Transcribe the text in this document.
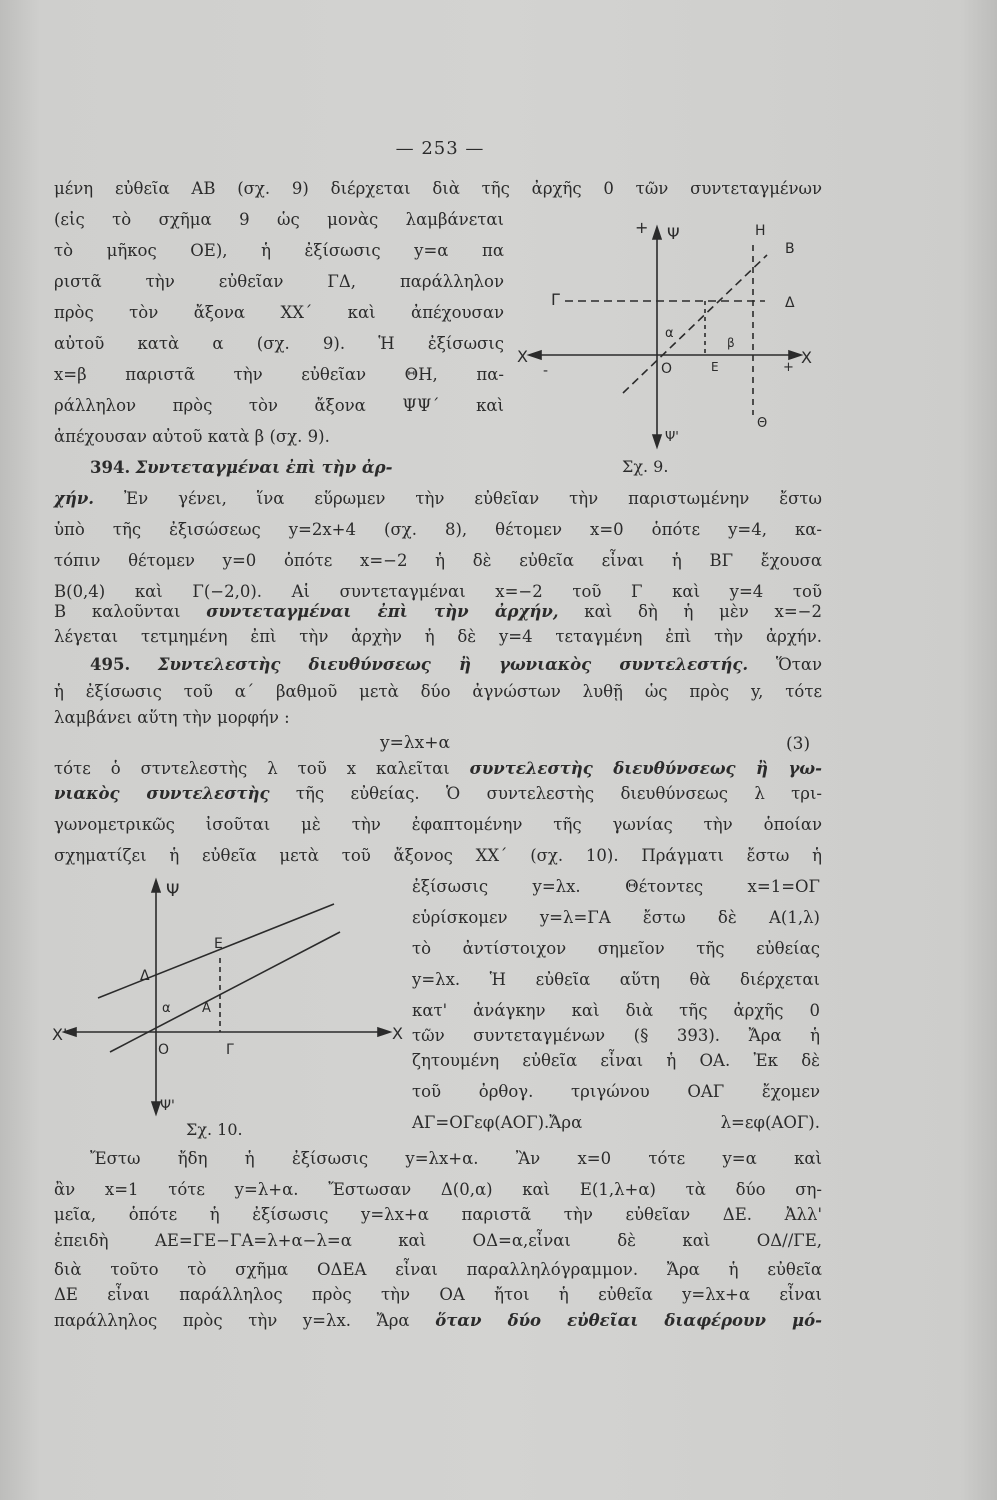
— 253 —
μένη εὐθεῖα ΑΒ (σχ. 9) διέρχεται διὰ τῆς ἀρχῆς 0 τῶν συντεταγμένων
(εἰς τὸ σχῆμα 9 ὡς μονὰς λαμβάνεται
τὸ μῆκος ΟΕ), ἡ ἐξίσωσις y=α πα
ριστᾶ τὴν εὐθεῖαν ΓΔ, παράλληλον
πρὸς τὸν ἄξονα ΧΧ΄ καὶ ἀπέχουσαν
αὐτοῦ κατὰ α (σχ. 9). Ἡ ἐξίσωσις
x=β παριστᾶ τὴν εὐθεῖαν ΘΗ, πα-
ράλληλον πρὸς τὸν ἄξονα ΨΨ΄ καὶ
ἀπέχουσαν αὐτοῦ κατὰ β (σχ. 9).
394. Συντεταγμέναι ἐπὶ τὴν ἀρ-
+ Ψ	Η
Β
Γ	Δ
Χ	Χ
-	+
Ο	Ε
α
β
Θ
Ψ'
Σχ. 9.
χήν. Ἐν γένει, ἵνα εὕρωμεν τὴν εὐθεῖαν τὴν παριστωμένην ἔστω
ὑπὸ τῆς ἐξισώσεως y=2x+4 (σχ. 8), θέτομεν x=0 ὁπότε y=4, κα-
τόπιν θέτομεν y=0 ὁπότε x=−2 ἡ δὲ εὐθεῖα εἶναι ἡ ΒΓ ἔχουσα
Β(0,4) καὶ Γ(−2,0). Αἱ συντεταγμέναι x=−2 τοῦ Γ καὶ y=4 τοῦ
Β καλοῦνται συντεταγμέναι ἐπὶ τὴν ἀρχήν, καὶ δὴ ἡ μὲν x=−2
λέγεται τετμημένη ἐπὶ τὴν ἀρχὴν ἡ δὲ y=4 τεταγμένη ἐπὶ τὴν ἀρχήν.
495. Συντελεστὴς διευθύνσεως ἢ γωνιακὸς συντελεστής. Ὅταν
ἡ ἐξίσωσις τοῦ α΄ βαθμοῦ μετὰ δύο ἀγνώστων λυθῇ ὡς πρὸς y, τότε
λαμβάνει αὕτη τὴν μορφήν :
y=λx+α	(3)
τότε ὁ στντελεστὴς λ τοῦ x καλεῖται συντελεστὴς διευθύνσεως ἢ γω-
νιακὸς συντελεστὴς τῆς εὐθείας. Ὁ συντελεστὴς διευθύνσεως λ τρι-
γωνομετρικῶς ἰσοῦται μὲ τὴν ἐφαπτομένην τῆς γωνίας τὴν ὁποίαν
σχηματίζει ἡ εὐθεῖα μετὰ τοῦ ἄξονος ΧΧ΄ (σχ. 10). Πράγματι ἔστω ἡ
Ψ
Ε
Δ
α Α
Χ'	Χ
Ο	Γ
Ψ'
ἐξίσωσις y=λx. Θέτοντες x=1=ΟΓ
εὑρίσκομεν y=λ=ΓΑ ἔστω δὲ Α(1,λ)
τὸ ἀντίστοιχον σημεῖον τῆς εὐθείας
y=λx. Ἡ εὐθεῖα αὕτη θὰ διέρχεται
κατ' ἀνάγκην καὶ διὰ τῆς ἀρχῆς 0
τῶν συντεταγμένων (§ 393). Ἄρα ἡ
ζητουμένη εὐθεῖα εἶναι ἡ ΟΑ. Ἐκ δὲ
τοῦ ὀρθογ. τριγώνου ΟΑΓ ἔχομεν
ΑΓ=ΟΓεφ(ΑΟΓ).Ἄρα λ=εφ(ΑΟΓ).
Σχ. 10.
Ἔστω ἤδη ἡ ἐξίσωσις y=λx+α. Ἂν x=0 τότε y=α καὶ
ἂν x=1 τότε y=λ+α. Ἔστωσαν Δ(0,α) καὶ Ε(1,λ+α) τὰ δύο ση-
μεῖα, ὁπότε ἡ ἐξίσωσις y=λx+α παριστᾶ τὴν εὐθεῖαν ΔΕ. Ἀλλ'
ἐπειδὴ ΑΕ=ΓΕ−ΓΑ=λ+α−λ=α καὶ ΟΔ=α,εἶναι δὲ καὶ ΟΔ//ΓΕ,
διὰ τοῦτο τὸ σχῆμα ΟΔΕΑ εἶναι παραλληλόγραμμον. Ἄρα ἡ εὐθεῖα
ΔΕ εἶναι παράλληλος πρὸς τὴν ΟΑ ἤτοι ἡ εὐθεῖα y=λx+α εἶναι
παράλληλος πρὸς τὴν y=λx. Ἄρα ὅταν δύο εὐθεῖαι διαφέρουν μό-
